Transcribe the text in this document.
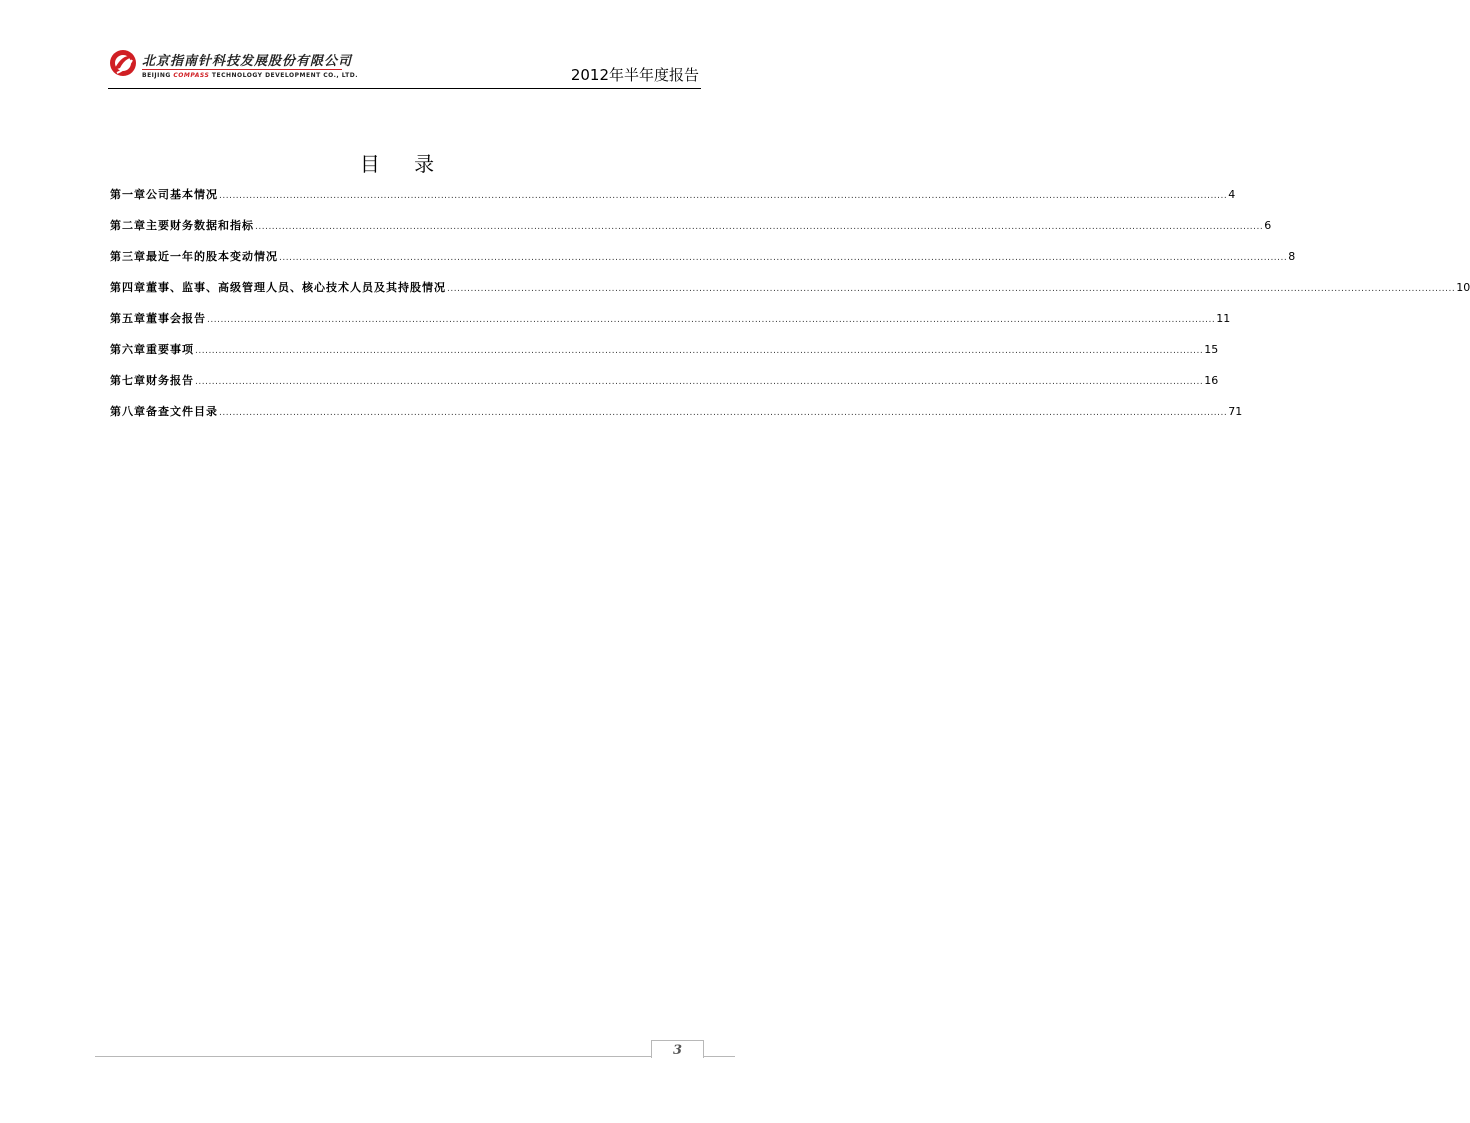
北京指南针科技发展股份有限公司
BEIJING COMPASS TECHNOLOGY DEVELOPMENT CO., LTD.	2012年半年度报告
目 录
第一章 公司基本情况 ............................................................................................................................................................................................................................................................................................................ 4
第二章 主要财务数据和指标 ............................................................................................................................................................................................................................................................................................................ 6
第三章 最近一年的股本变动情况 ............................................................................................................................................................................................................................................................................................................ 8
第四章 董事、监事、高级管理人员、核心技术人员及其持股情况 ............................................................................................................................................................................................................................................................................................................ 10
第五章 董事会报告 ............................................................................................................................................................................................................................................................................................................ 11
第六章 重要事项 ............................................................................................................................................................................................................................................................................................................ 15
第七章 财务报告 ............................................................................................................................................................................................................................................................................................................ 16
第八章 备查文件目录 ............................................................................................................................................................................................................................................................................................................ 71
3
